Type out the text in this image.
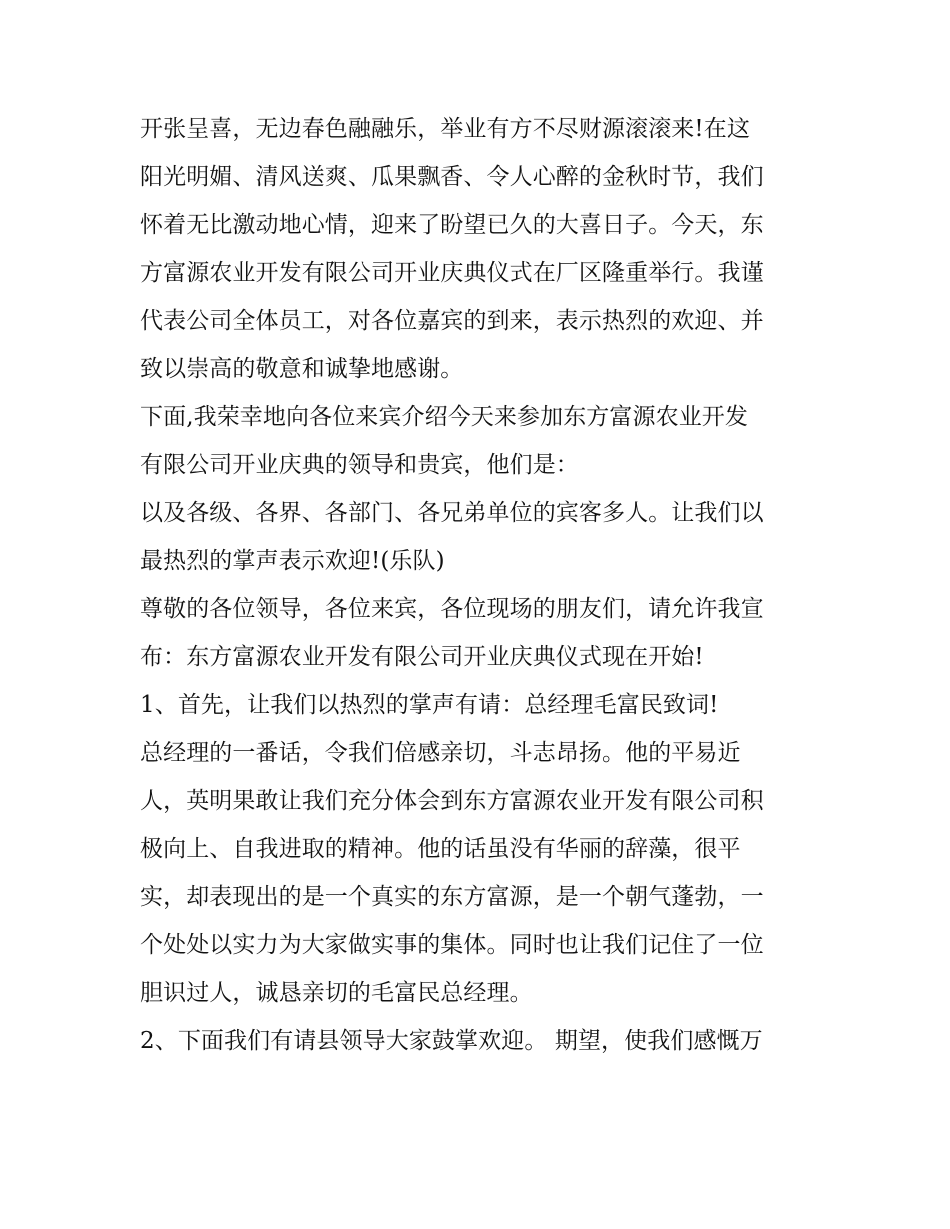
开张呈喜，无边春色融融乐，举业有方不尽财源滚滚来!在这
阳光明媚、清风送爽、瓜果飘香、令人心醉的金秋时节，我们
怀着无比激动地心情，迎来了盼望已久的大喜日子。今天，东
方富源农业开发有限公司开业庆典仪式在厂区隆重举行。我谨
代表公司全体员工，对各位嘉宾的到来，表示热烈的欢迎、并
致以崇高的敬意和诚挚地感谢。
下面,我荣幸地向各位来宾介绍今天来参加东方富源农业开发
有限公司开业庆典的领导和贵宾，他们是：
以及各级、各界、各部门、各兄弟单位的宾客多人。让我们以
最热烈的掌声表示欢迎!(乐队)
尊敬的各位领导，各位来宾，各位现场的朋友们，请允许我宣
布：东方富源农业开发有限公司开业庆典仪式现在开始!
1、首先，让我们以热烈的掌声有请：总经理毛富民致词!
总经理的一番话，令我们倍感亲切，斗志昂扬。他的平易近
人，英明果敢让我们充分体会到东方富源农业开发有限公司积
极向上、自我进取的精神。他的话虽没有华丽的辞藻，很平
实，却表现出的是一个真实的东方富源，是一个朝气蓬勃，一
个处处以实力为大家做实事的集体。同时也让我们记住了一位
胆识过人，诚恳亲切的毛富民总经理。
2、下面我们有请县领导大家鼓掌欢迎。 期望，使我们感慨万
